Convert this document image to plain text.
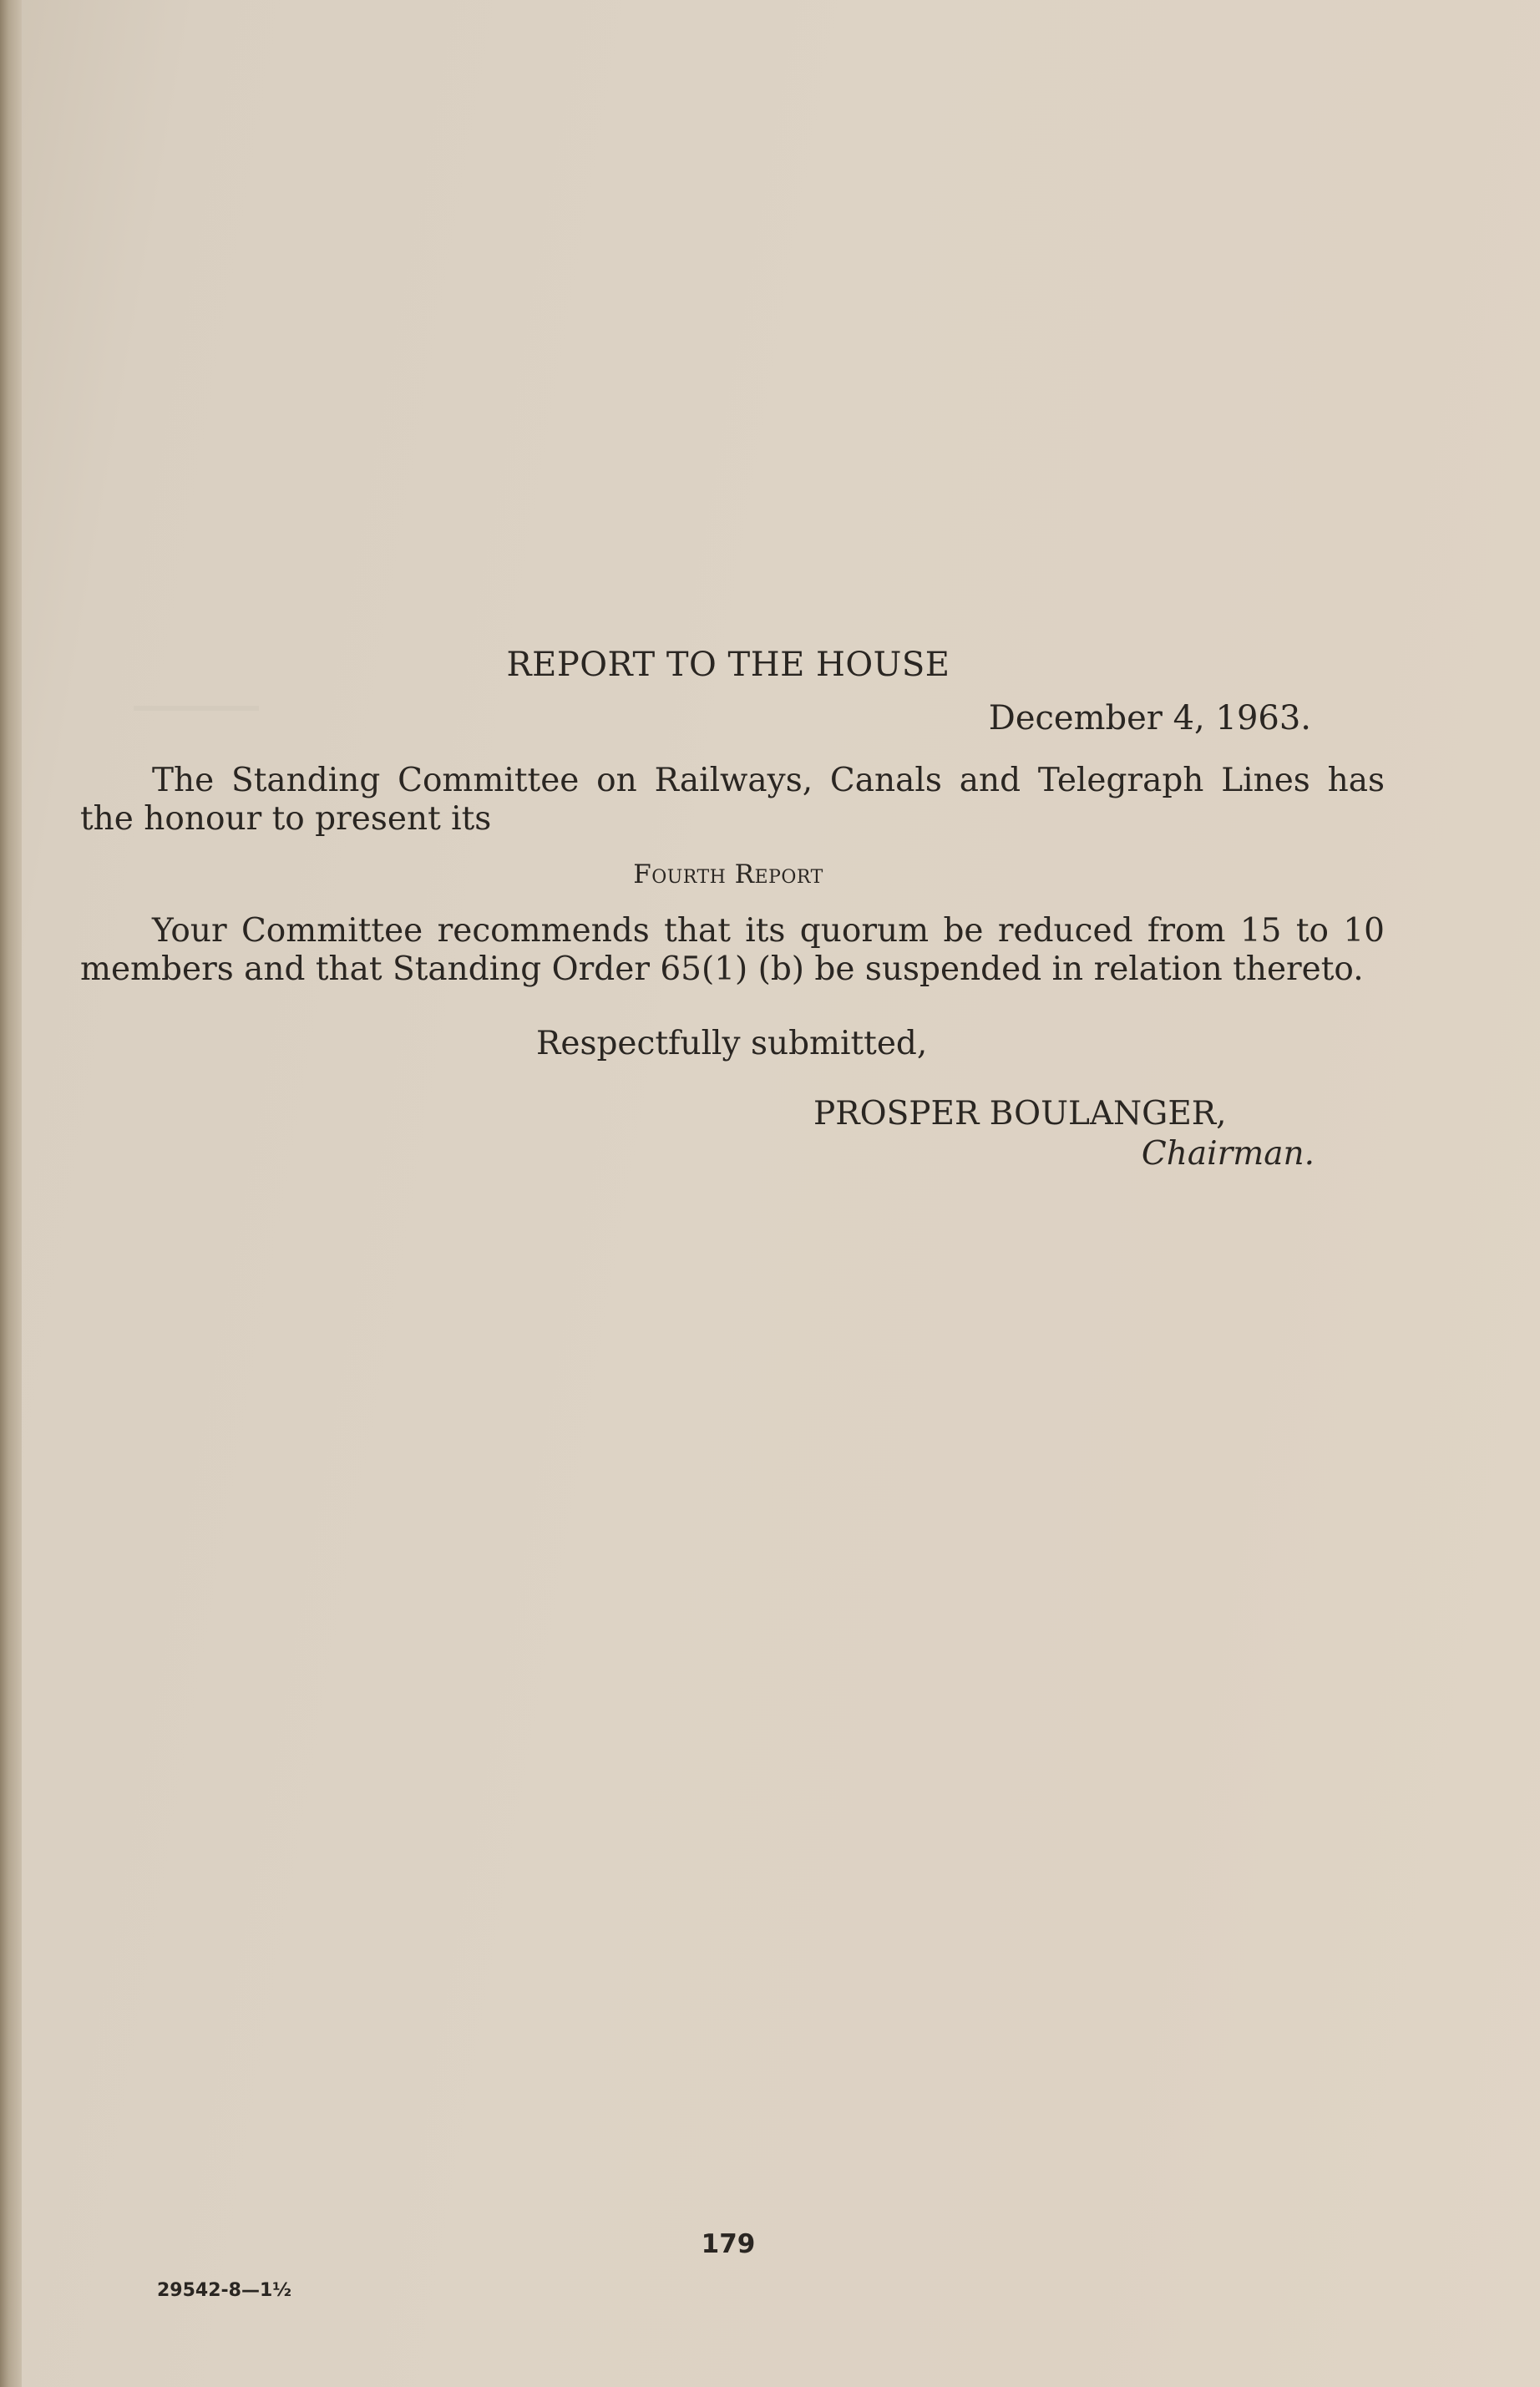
REPORT TO THE HOUSE
December 4, 1963.
The Standing Committee on Railways, Canals and Telegraph Lines has the honour to present its
Fourth Report
Your Committee recommends that its quorum be reduced from 15 to 10 members and that Standing Order 65(1) (b) be suspended in relation thereto.
Respectfully submitted,
PROSPER BOULANGER,
Chairman.
179
29542-8—1½
